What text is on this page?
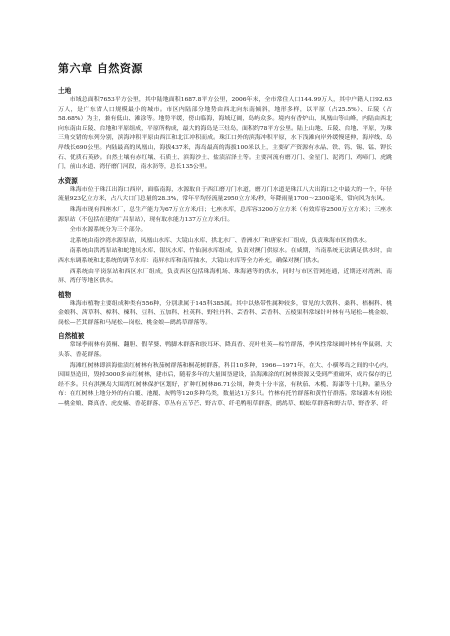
第六章 自然资源
土地

市域总面积7653平方公里，其中陆地面积1687.8平方公里，2006年末，全市常住人口144.99万人，其中户籍人口92.63万人，是广东省人口规模最小的城市。市区内陆部分地势由西北向东南倾斜，地形多样，以平原（占25.5%）、丘陵（占58.68%）为主，兼有低山、滩涂等。地势平缓，傍山临海，海域辽阔，岛屿众多。境内有香炉山、凤凰山等山峰，内陆由西北向东南由丘陵、台地和平原组成，平原所构成，最大的海岛是三灶岛，面积约78平方公里。陆上山地、丘陵、台地、平原，为珠三角交错的东列分别，滨海冲积平原由西江和北江冲积而成。珠江口外的滨海冲积平原，水下浅滩向岸外缓慢延伸，海岸线、岛岸线长690公里。内陆最高的凤凰山，海拔437米，海岛最高的海拔100米以上，主要矿产资源有水晶、铁、钨、锡、锰、钾长石、优质石英砂。自然土壤有赤红壤、石质土、滨海沙土、盐渍沼泽土等。主要河流有磨刀门、金星门、泥湾门、鸡啼门、虎跳门，前山水道、湾仔磨门河段，南水沥等，总长135公里。

水资源

珠海市位于珠江出海口西岸，面临南海，水源取自于西江磨刀门水道，磨刀门水道是珠江八大出海口之中最大的一个，年径流量923亿立方米，占八大口门总量的28.3%，常年平均径流量2950立方米/秒，年降雨量1700～2300毫米，常向风为东风。

珠海市现有四座水厂，总生产能力为67万立方米/日；七座水库，总库容3200万立方米（有效库容2500万立方米）；三座水源泵站（不包括在建的广昌泵站），现有取水能力137万立方米/日。

全市水源系统分为三个部分。

北系统由南沙湾水源泵站，凤凰山水库、大镜山水库、拱北水厂、香洲水厂和唐家水厂组成，负责珠海市区的供水。

南系统由洪湾泵站和蛇地坑水库、银坑水库、竹仙洞水库组成，负责对澳门供原水。在咸期，当南系统无法满足供水时，由西水东调系统和北系统的调节水库：南屏水库和南库抽水，大镜山水库等全力补充，确保对澳门供水。

西系统由平岗泵站和西区水厂组成，负责西区包括珠海机场、珠海港等的供水，同时与市区管网连通，近期还对湾洲、南屏、湾仔等地区供水。

植物

珠海市植物主要组成种类有556种，分别隶属于145科385属。其中以热带性属种较多，常见的大戟科、桑科、梧桐科、桃金娘科、茜草科、樟科、楝科、豆科、五加科、杜英科、野牡丹科、芸香科、芸香科、五棱果科常绿针叶林有马尾松—桃金娘、岗松—芒萁群落和马尾松—岗松、桃金娘—鹧鸪草群落等。

自然植被

常绿季雨林有黄桐、翻胆、假苹婆、鸭脚木群落和胶耳环、降真香、亮叶杜英—棕竹群落，季风性常绿阔叶林有华鼠刺、大头茶、香花群落。

海滩红树林即滨海盐渍红树林有秋茄树群落和桐花树群落，科目10多种，1966—1971年，在大、小横琴岛之间的中心内，因围垦造田，毁掉3000多亩红树林，建市后，随着多年的大量围垦建设，沿海滩涂的红树林资源又受到严重破坏，成片保存的已经不多。只有淇澳岛大围湾红树林保护区划好，扩种红树林86.71公顷，种类十分丰富，有秋茄、木榄、海漆等十几种。灌丛分布：在红树林上地分外的有白覆、池覆、灰鸭等120多种鸟类，数量达1万多只。竹林有托竹群落和黄竹仔群落。常绿灌木有岗松—桃金娘、降真香、虎皮楠、香花群落、草丛有五节芒、野古草、纤毛鸭咀草群落，鹧鸪草、蜈蚣草群落和野古草、野香茅、纤
